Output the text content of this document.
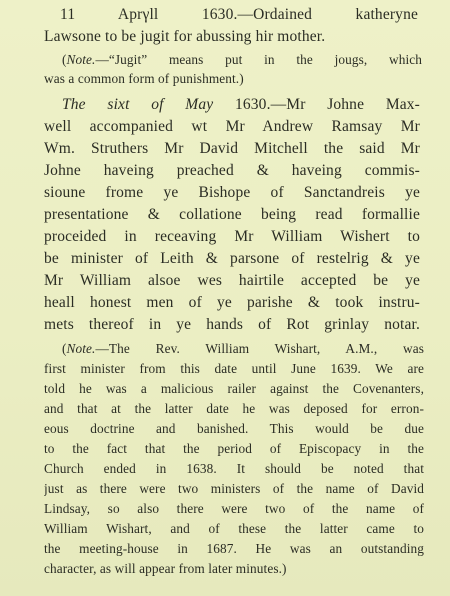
11 Aprγll 1630.—Ordained katheryne
Lawsone to be jugit for abussing hir mother.
(Note.—“Jugit” means put in the jougs, which
was a common form of punishment.)
The sixt of May 1630.—Mr Johne Max-
well accompanied wt Mr Andrew Ramsay Mr
Wm. Struthers Mr David Mitchell the said Mr
Johne haveing preached & haveing commis-
sioune frome ye Bishope of Sanctandreis ye
presentatione & collatione being read formallie
proceided in receaving Mr William Wishert to
be minister of Leith & parsone of restelrig & ye
Mr William alsoe wes hairtile accepted be ye
heall honest men of ye parishe & took instru-
mets thereof in ye hands of Rot grinlay notar.
(Note.—The Rev. William Wishart, A.M., was
first minister from this date until June 1639. We are
told he was a malicious railer against the Covenanters,
and that at the latter date he was deposed for erron-
eous doctrine and banished. This would be due
to the fact that the period of Episcopacy in the
Church ended in 1638. It should be noted that
just as there were two ministers of the name of David
Lindsay, so also there were two of the name of
William Wishart, and of these the latter came to
the meeting-house in 1687. He was an outstanding
character, as will appear from later minutes.)
